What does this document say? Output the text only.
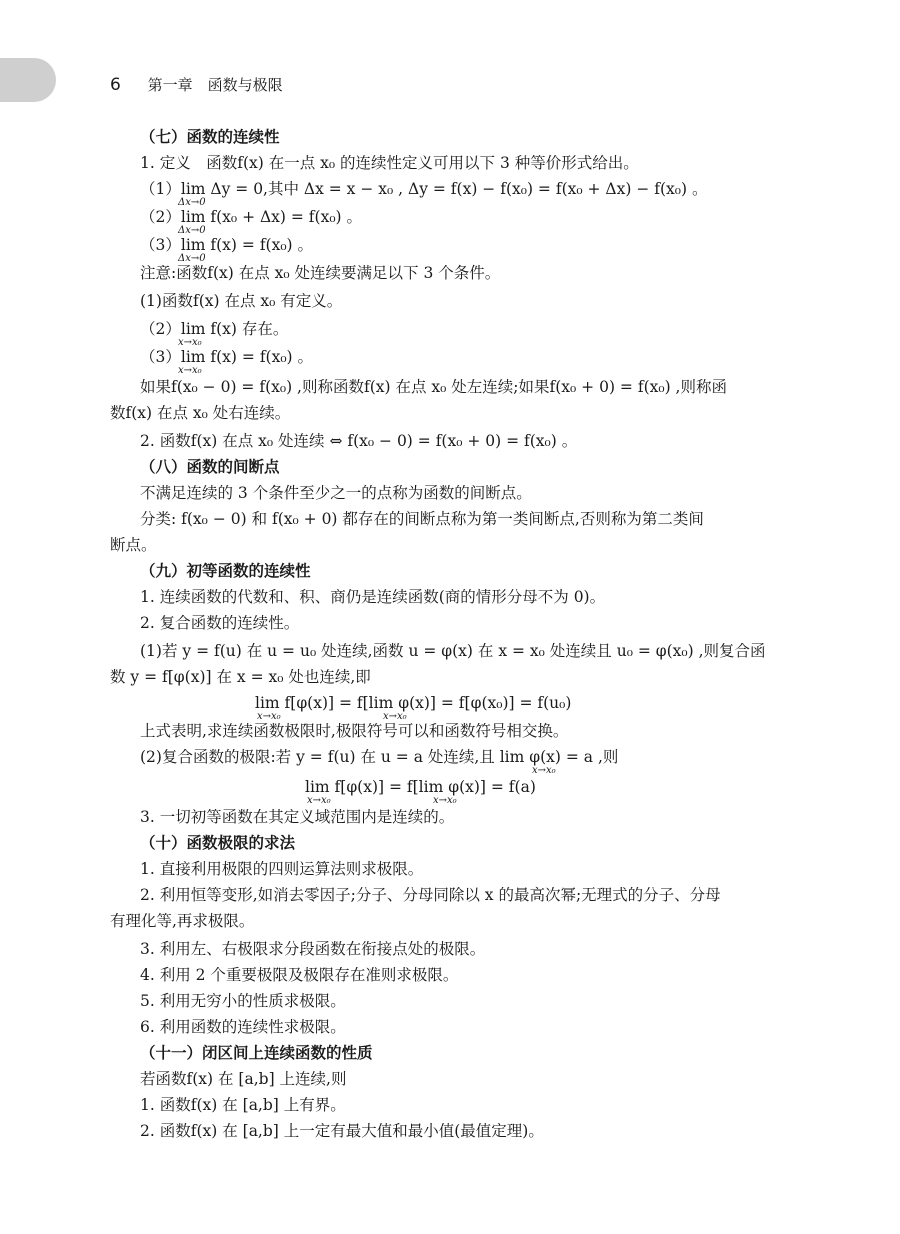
6 第一章　函数与极限
（七）函数的连续性
1. 定义　函数f(x) 在一点 x₀ 的连续性定义可用以下 3 种等价形式给出。
（1）lim Δy = 0,其中 Δx = x − x₀ , Δy = f(x) − f(x₀) = f(x₀ + Δx) − f(x₀) 。
Δx→0
（2）lim f(x₀ + Δx) = f(x₀) 。
Δx→0
（3）lim f(x) = f(x₀) 。
Δx→0
注意:函数f(x) 在点 x₀ 处连续要满足以下 3 个条件。
(1)函数f(x) 在点 x₀ 有定义。
（2）lim f(x) 存在。
x→x₀
（3）lim f(x) = f(x₀) 。
x→x₀
如果f(x₀ − 0) = f(x₀) ,则称函数f(x) 在点 x₀ 处左连续;如果f(x₀ + 0) = f(x₀) ,则称函
数f(x) 在点 x₀ 处右连续。
2. 函数f(x) 在点 x₀ 处连续 ⇔ f(x₀ − 0) = f(x₀ + 0) = f(x₀) 。
（八）函数的间断点
不满足连续的 3 个条件至少之一的点称为函数的间断点。
分类: f(x₀ − 0) 和 f(x₀ + 0) 都存在的间断点称为第一类间断点,否则称为第二类间
断点。
（九）初等函数的连续性
1. 连续函数的代数和、积、商仍是连续函数(商的情形分母不为 0)。
2. 复合函数的连续性。
(1)若 y = f(u) 在 u = u₀ 处连续,函数 u = φ(x) 在 x = x₀ 处连续且 u₀ = φ(x₀) ,则复合函
数 y = f[φ(x)] 在 x = x₀ 处也连续,即
lim f[φ(x)] = f[lim φ(x)] = f[φ(x₀)] = f(u₀)
x→x₀	x→x₀
上式表明,求连续函数极限时,极限符号可以和函数符号相交换。
(2)复合函数的极限:若 y = f(u) 在 u = a 处连续,且 lim φ(x) = a ,则
x→x₀
lim f[φ(x)] = f[lim φ(x)] = f(a)
x→x₀	x→x₀
3. 一切初等函数在其定义域范围内是连续的。
（十）函数极限的求法
1. 直接利用极限的四则运算法则求极限。
2. 利用恒等变形,如消去零因子;分子、分母同除以 x 的最高次幂;无理式的分子、分母
有理化等,再求极限。
3. 利用左、右极限求分段函数在衔接点处的极限。
4. 利用 2 个重要极限及极限存在准则求极限。
5. 利用无穷小的性质求极限。
6. 利用函数的连续性求极限。
（十一）闭区间上连续函数的性质
若函数f(x) 在 [a,b] 上连续,则
1. 函数f(x) 在 [a,b] 上有界。
2. 函数f(x) 在 [a,b] 上一定有最大值和最小值(最值定理)。
